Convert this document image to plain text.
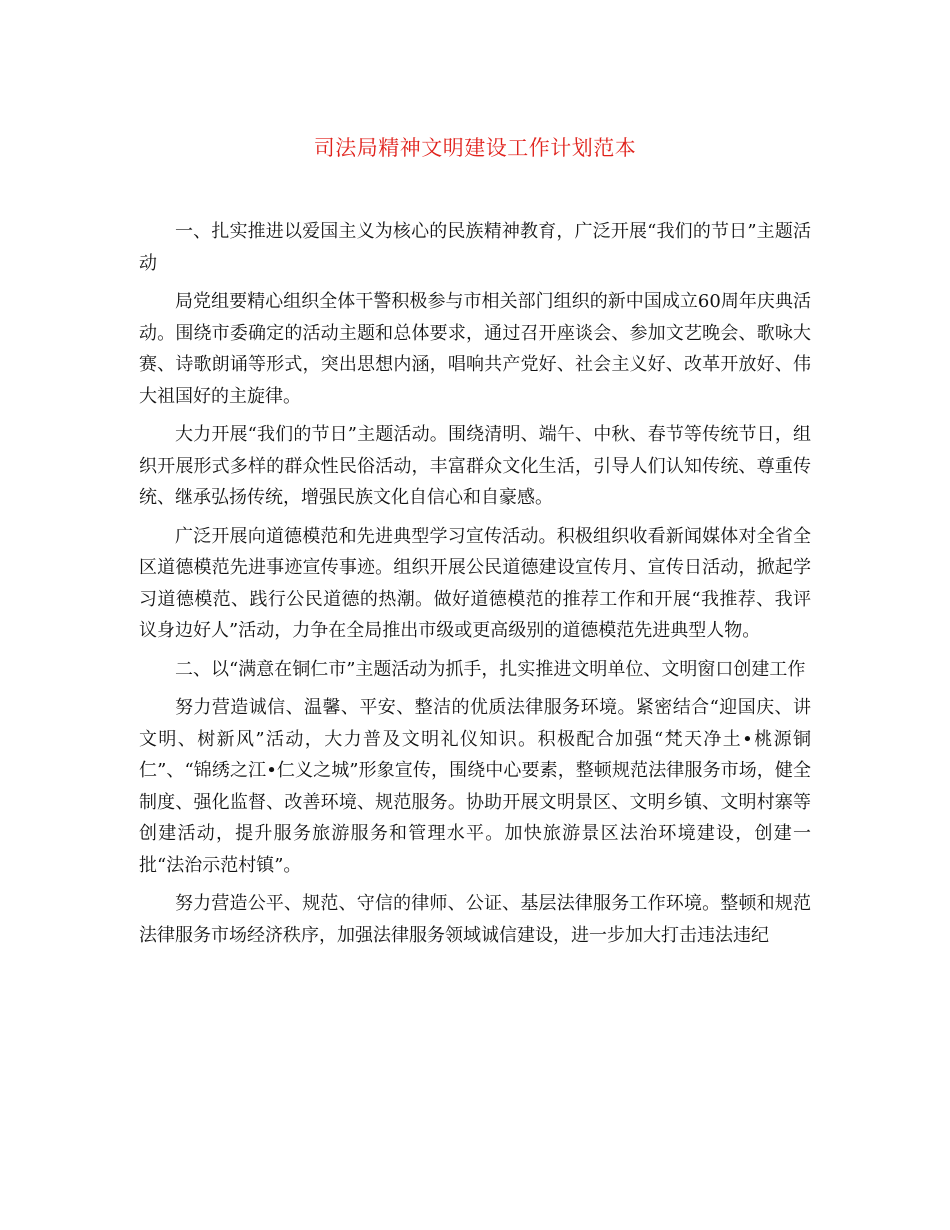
司法局精神文明建设工作计划范本

一、扎实推进以爱国主义为核心的民族精神教育，广泛开展“我们的节日”主题活动

局党组要精心组织全体干警积极参与市相关部门组织的新中国成立60周年庆典活动。围绕市委确定的活动主题和总体要求，通过召开座谈会、参加文艺晚会、歌咏大赛、诗歌朗诵等形式，突出思想内涵，唱响共产党好、社会主义好、改革开放好、伟大祖国好的主旋律。

大力开展“我们的节日”主题活动。围绕清明、端午、中秋、春节等传统节日，组织开展形式多样的群众性民俗活动，丰富群众文化生活，引导人们认知传统、尊重传统、继承弘扬传统，增强民族文化自信心和自豪感。

广泛开展向道德模范和先进典型学习宣传活动。积极组织收看新闻媒体对全省全区道德模范先进事迹宣传事迹。组织开展公民道德建设宣传月、宣传日活动，掀起学习道德模范、践行公民道德的热潮。做好道德模范的推荐工作和开展“我推荐、我评议身边好人”活动，力争在全局推出市级或更高级别的道德模范先进典型人物。

二、以“满意在铜仁市”主题活动为抓手，扎实推进文明单位、文明窗口创建工作

努力营造诚信、温馨、平安、整洁的优质法律服务环境。紧密结合“迎国庆、讲文明、树新风”活动，大力普及文明礼仪知识。积极配合加强“梵天净土•桃源铜仁”、“锦绣之江•仁义之城”形象宣传，围绕中心要素，整顿规范法律服务市场，健全制度、强化监督、改善环境、规范服务。协助开展文明景区、文明乡镇、文明村寨等创建活动，提升服务旅游服务和管理水平。加快旅游景区法治环境建设，创建一批“法治示范村镇”。

努力营造公平、规范、守信的律师、公证、基层法律服务工作环境。整顿和规范法律服务市场经济秩序，加强法律服务领域诚信建设，进一步加大打击违法违纪
